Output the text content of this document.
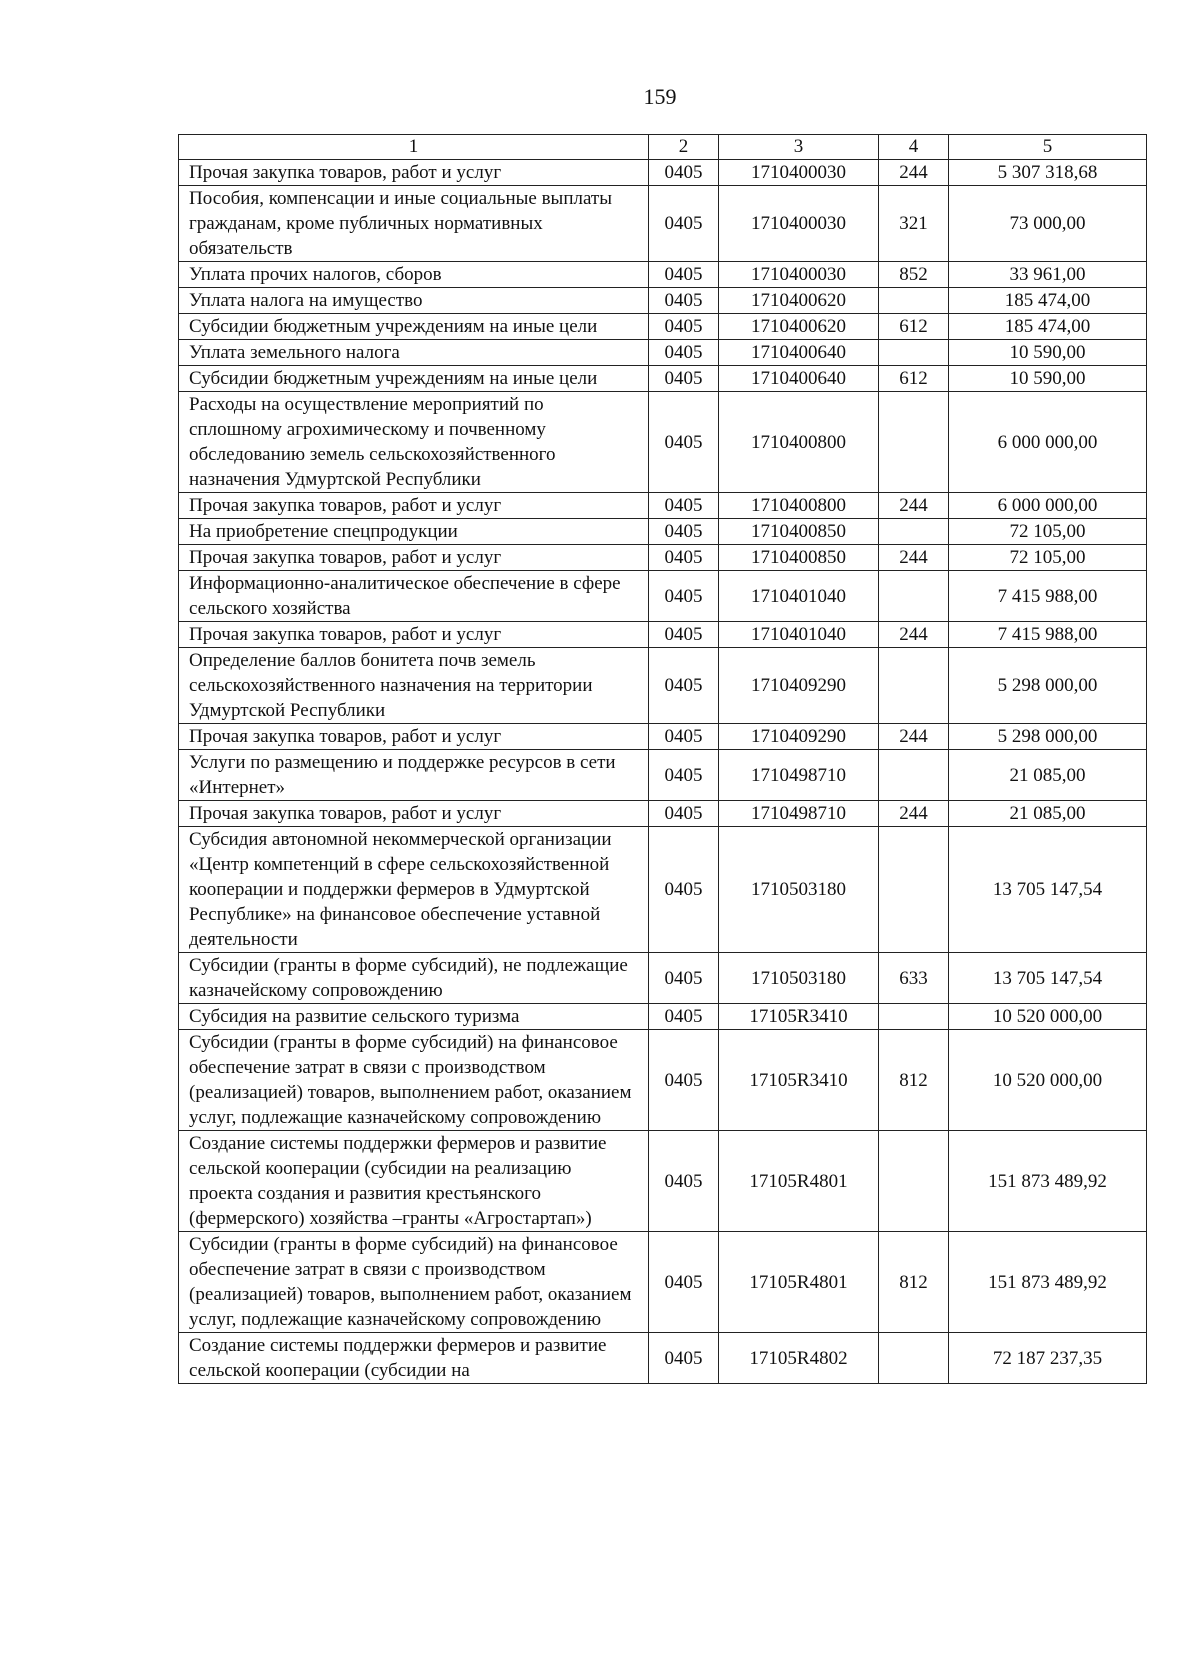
159
1	2	3	4	5
Прочая закупка товаров, работ и услуг	0405	1710400030	244	5 307 318,68
Пособия, компенсации и иные социальные выплаты гражданам, кроме публичных нормативных обязательств	0405	1710400030	321	73 000,00
Уплата прочих налогов, сборов	0405	1710400030	852	33 961,00
Уплата налога на имущество	0405	1710400620		185 474,00
Субсидии бюджетным учреждениям на иные цели	0405	1710400620	612	185 474,00
Уплата земельного налога	0405	1710400640		10 590,00
Субсидии бюджетным учреждениям на иные цели	0405	1710400640	612	10 590,00
Расходы на осуществление мероприятий по сплошному агрохимическому и почвенному обследованию земель сельскохозяйственного назначения Удмуртской Республики	0405	1710400800		6 000 000,00
Прочая закупка товаров, работ и услуг	0405	1710400800	244	6 000 000,00
На приобретение спецпродукции	0405	1710400850		72 105,00
Прочая закупка товаров, работ и услуг	0405	1710400850	244	72 105,00
Информационно-аналитическое обеспечение в сфере сельского хозяйства	0405	1710401040		7 415 988,00
Прочая закупка товаров, работ и услуг	0405	1710401040	244	7 415 988,00
Определение баллов бонитета почв земель сельскохозяйственного назначения на территории Удмуртской Республики	0405	1710409290		5 298 000,00
Прочая закупка товаров, работ и услуг	0405	1710409290	244	5 298 000,00
Услуги по размещению и поддержке ресурсов в сети «Интернет»	0405	1710498710		21 085,00
Прочая закупка товаров, работ и услуг	0405	1710498710	244	21 085,00
Субсидия автономной некоммерческой организации «Центр компетенций в сфере сельскохозяйственной кооперации и поддержки фермеров в Удмуртской Республике» на финансовое обеспечение уставной деятельности	0405	1710503180		13 705 147,54
Субсидии (гранты в форме субсидий), не подлежащие казначейскому сопровождению	0405	1710503180	633	13 705 147,54
Субсидия на развитие сельского туризма	0405	17105R3410		10 520 000,00
Субсидии (гранты в форме субсидий) на финансовое обеспечение затрат в связи с производством (реализацией) товаров, выполнением работ, оказанием услуг, подлежащие казначейскому сопровождению	0405	17105R3410	812	10 520 000,00
Создание системы поддержки фермеров и развитие сельской кооперации (субсидии на реализацию проекта создания и развития крестьянского (фермерского) хозяйства –гранты «Агростартап»)	0405	17105R4801		151 873 489,92
Субсидии (гранты в форме субсидий) на финансовое обеспечение затрат в связи с производством (реализацией) товаров, выполнением работ, оказанием услуг, подлежащие казначейскому сопровождению	0405	17105R4801	812	151 873 489,92
Создание системы поддержки фермеров и развитие сельской кооперации (субсидии на	0405	17105R4802		72 187 237,35
